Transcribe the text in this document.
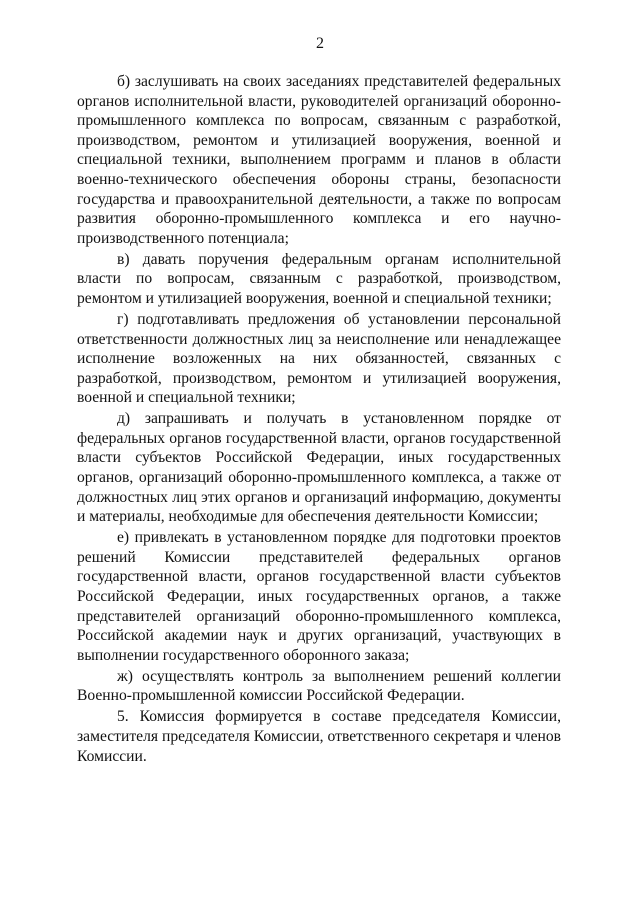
2

б) заслушивать на своих заседаниях представителей федеральных органов исполнительной власти, руководителей организаций оборонно-промышленного комплекса по вопросам, связанным с разработкой, производством, ремонтом и утилизацией вооружения, военной и специальной техники, выполнением программ и планов в области военно-технического обеспечения обороны страны, безопасности государства и правоохранительной деятельности, а также по вопросам развития оборонно-промышленного комплекса и его научно-производственного потенциала;

в) давать поручения федеральным органам исполнительной власти по вопросам, связанным с разработкой, производством, ремонтом и утилизацией вооружения, военной и специальной техники;

г) подготавливать предложения об установлении персональной ответственности должностных лиц за неисполнение или ненадлежащее исполнение возложенных на них обязанностей, связанных с разработкой, производством, ремонтом и утилизацией вооружения, военной и специальной техники;

д) запрашивать и получать в установленном порядке от федеральных органов государственной власти, органов государственной власти субъектов Российской Федерации, иных государственных органов, организаций оборонно-промышленного комплекса, а также от должностных лиц этих органов и организаций информацию, документы и материалы, необходимые для обеспечения деятельности Комиссии;

е) привлекать в установленном порядке для подготовки проектов решений Комиссии представителей федеральных органов государственной власти, органов государственной власти субъектов Российской Федерации, иных государственных органов, а также представителей организаций оборонно-промышленного комплекса, Российской академии наук и других организаций, участвующих в выполнении государственного оборонного заказа;

ж) осуществлять контроль за выполнением решений коллегии Военно-промышленной комиссии Российской Федерации.

5. Комиссия формируется в составе председателя Комиссии, заместителя председателя Комиссии, ответственного секретаря и членов Комиссии.
